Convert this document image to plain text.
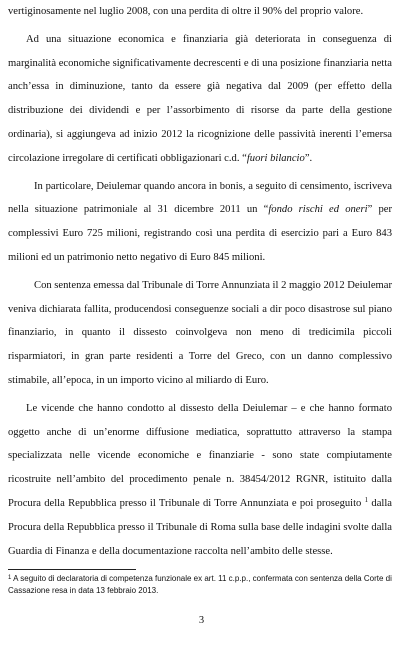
vertiginosamente nel luglio 2008, con una perdita di oltre il 90% del proprio valore.

Ad una situazione economica e finanziaria già deteriorata in conseguenza di marginalità economiche significativamente decrescenti e di una posizione finanziaria netta anch’essa in diminuzione, tanto da essere già negativa dal 2009 (per effetto della distribuzione dei dividendi e per l’assorbimento di risorse da parte della gestione ordinaria), si aggiungeva ad inizio 2012 la ricognizione delle passività inerenti l’emersa circolazione irregolare di certificati obbligazionari c.d. “fuori bilancio”.

In particolare, Deiulemar quando ancora in bonis, a seguito di censimento, iscriveva nella situazione patrimoniale al 31 dicembre 2011 un “fondo rischi ed oneri” per complessivi Euro 725 milioni, registrando così una perdita di esercizio pari a Euro 843 milioni ed un patrimonio netto negativo di Euro 845 milioni.

Con sentenza emessa dal Tribunale di Torre Annunziata il 2 maggio 2012 Deiulemar veniva dichiarata fallita, producendosi conseguenze sociali a dir poco disastrose sul piano finanziario, in quanto il dissesto coinvolgeva non meno di tredicimila piccoli risparmiatori, in gran parte residenti a Torre del Greco, con un danno complessivo stimabile, all’epoca, in un importo vicino al miliardo di Euro.

Le vicende che hanno condotto al dissesto della Deiulemar – e che hanno formato oggetto anche di un’enorme diffusione mediatica, soprattutto attraverso la stampa specializzata nelle vicende economiche e finanziarie - sono state compiutamente ricostruite nell’ambito del procedimento penale n. 38454/2012 RGNR, istituito dalla Procura della Repubblica presso il Tribunale di Torre Annunziata e poi proseguito $^1$ dalla Procura della Repubblica presso il Tribunale di Roma sulla base delle indagini svolte dalla Guardia di Finanza e della documentazione raccolta nell’ambito delle stesse.

$^1$ A seguito di declaratoria di competenza funzionale ex art. 11 c.p.p., confermata con sentenza della Corte di Cassazione resa in data 13 febbraio 2013.

3
